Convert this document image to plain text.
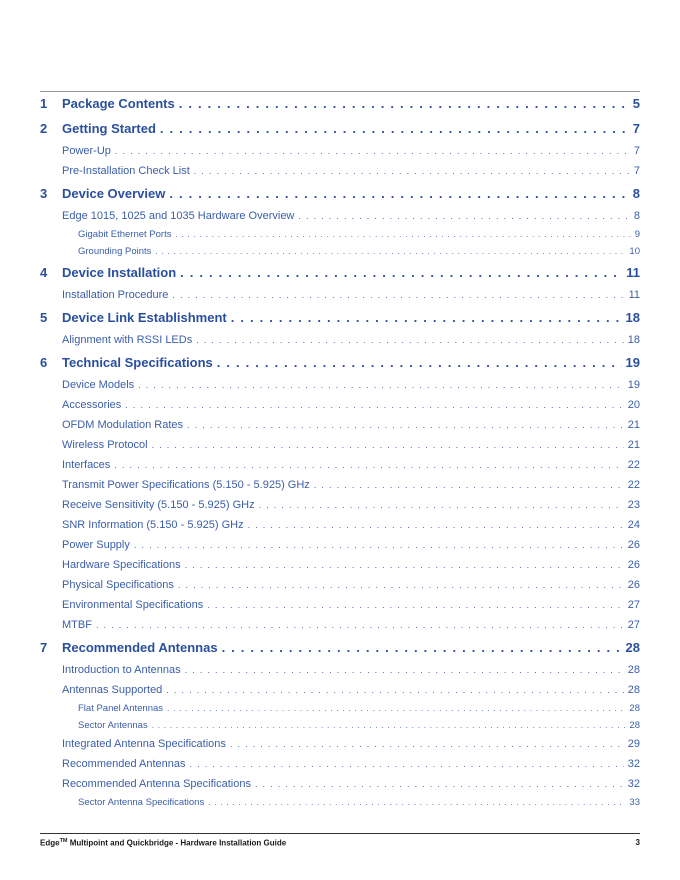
1	Package Contents . . .	5
2	Getting Started . . .	7
Power-Up . . .	7
Pre-Installation Check List . . .	7
3	Device Overview . . .	8
Edge 1015, 1025 and 1035 Hardware Overview . . .	8
Gigabit Ethernet Ports . . .	9
Grounding Points . . .	10
4	Device Installation . . .	11
Installation Procedure . . .	11
5	Device Link Establishment . . .	18
Alignment with RSSI LEDs . . .	18
6	Technical Specifications . . .	19
Device Models . . .	19
Accessories . . .	20
OFDM Modulation Rates . . .	21
Wireless Protocol . . .	21
Interfaces . . .	22
Transmit Power Specifications (5.150 - 5.925) GHz . . .	22
Receive Sensitivity (5.150 - 5.925) GHz . . .	23
SNR Information (5.150 - 5.925) GHz . . .	24
Power Supply . . .	26
Hardware Specifications . . .	26
Physical Specifications . . .	26
Environmental Specifications . . .	27
MTBF . . .	27
7	Recommended Antennas . . .	28
Introduction to Antennas . . .	28
Antennas Supported . . .	28
Flat Panel Antennas . . .	28
Sector Antennas . . .	28
Integrated Antenna Specifications . . .	29
Recommended Antennas . . .	32
Recommended Antenna Specifications . . .	32
Sector Antenna Specifications . . .	33
Edge™ Multipoint and Quickbridge - Hardware Installation Guide	3
